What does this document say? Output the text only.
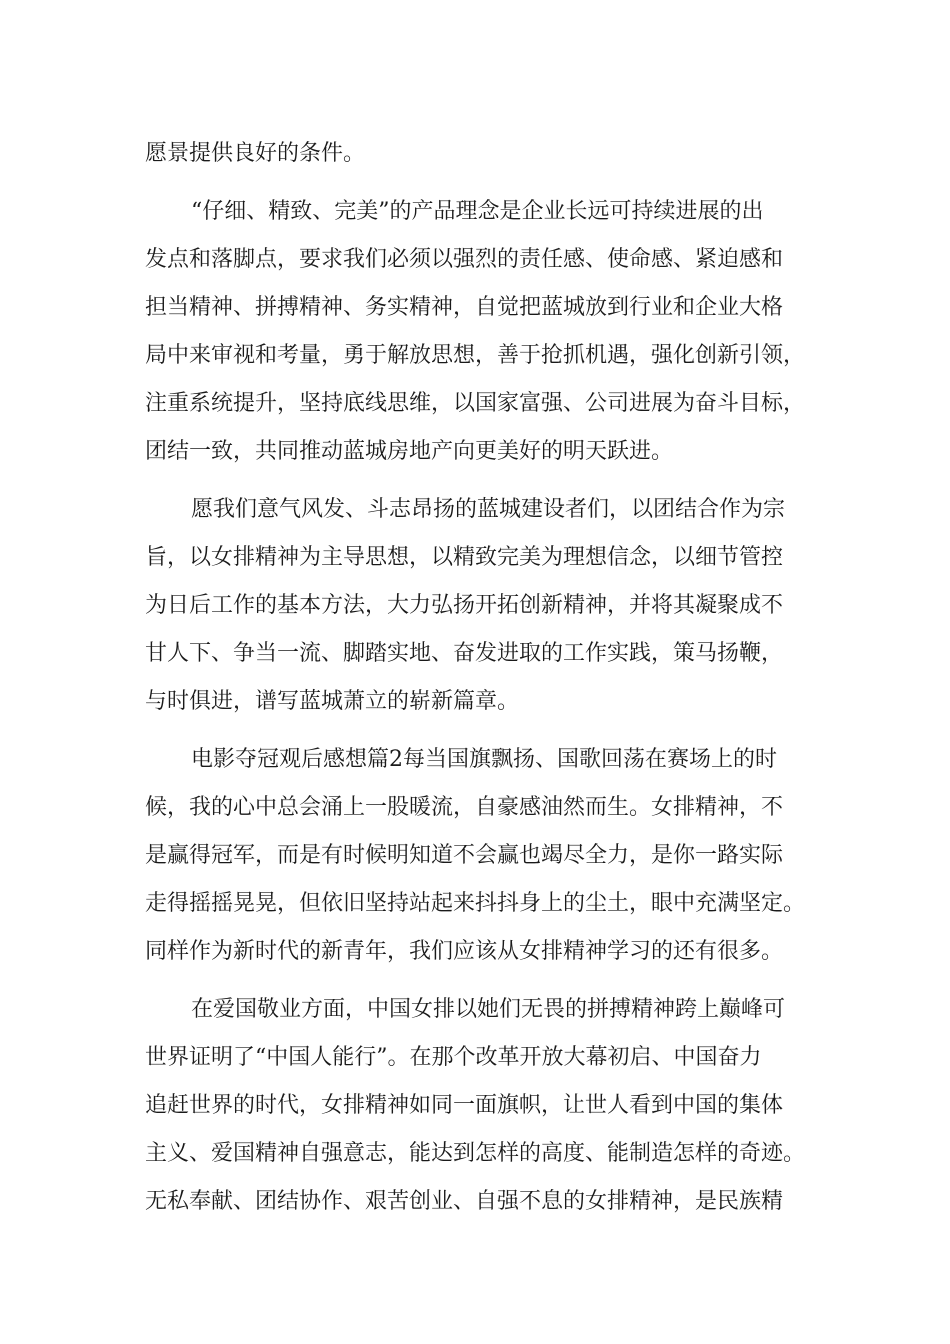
愿景提供良好的条件。
“仔细、精致、完美”的产品理念是企业长远可持续进展的出
发点和落脚点，要求我们必须以强烈的责任感、使命感、紧迫感和
担当精神、拼搏精神、务实精神，自觉把蓝城放到行业和企业大格
局中来审视和考量，勇于解放思想，善于抢抓机遇，强化创新引领，
注重系统提升，坚持底线思维，以国家富强、公司进展为奋斗目标，
团结一致，共同推动蓝城房地产向更美好的明天跃进。
愿我们意气风发、斗志昂扬的蓝城建设者们，以团结合作为宗
旨，以女排精神为主导思想，以精致完美为理想信念，以细节管控
为日后工作的基本方法，大力弘扬开拓创新精神，并将其凝聚成不
甘人下、争当一流、脚踏实地、奋发进取的工作实践，策马扬鞭，
与时俱进，谱写蓝城萧立的崭新篇章。
电影夺冠观后感想篇2每当国旗飘扬、国歌回荡在赛场上的时
候，我的心中总会涌上一股暖流，自豪感油然而生。女排精神，不
是赢得冠军，而是有时候明知道不会赢也竭尽全力，是你一路实际
走得摇摇晃晃，但依旧坚持站起来抖抖身上的尘土，眼中充满坚定。
同样作为新时代的新青年，我们应该从女排精神学习的还有很多。
在爱国敬业方面，中国女排以她们无畏的拼搏精神跨上巅峰可
世界证明了“中国人能行”。在那个改革开放大幕初启、中国奋力
追赶世界的时代，女排精神如同一面旗帜，让世人看到中国的集体
主义、爱国精神自强意志，能达到怎样的高度、能制造怎样的奇迹。
无私奉献、团结协作、艰苦创业、自强不息的女排精神，是民族精
